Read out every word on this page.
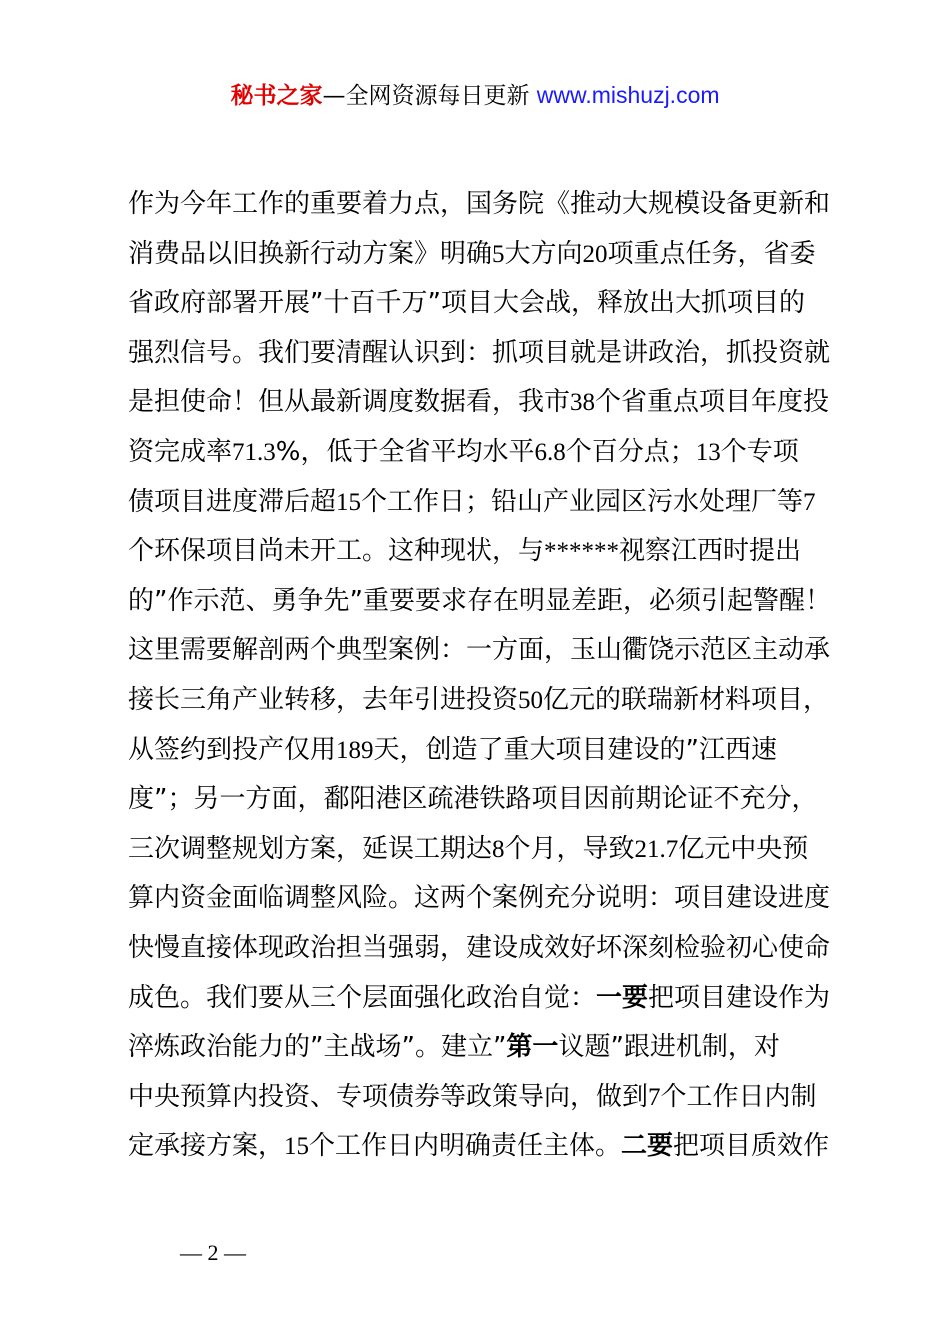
秘书之家—全网资源每日更新 www.mishuzj.com
作为今年工作的重要着力点，国务院《推动大规模设备更新和
消费品以旧换新行动方案》明确5大方向20项重点任务，省委
省政府部署开展”十百千万”项目大会战，释放出大抓项目的
强烈信号。我们要清醒认识到：抓项目就是讲政治，抓投资就
是担使命！但从最新调度数据看，我市38个省重点项目年度投
资完成率71.3%，低于全省平均水平6.8个百分点；13个专项
债项目进度滞后超15个工作日；铅山产业园区污水处理厂等7
个环保项目尚未开工。这种现状，与******视察江西时提出
的”作示范、勇争先”重要要求存在明显差距，必须引起警醒！
这里需要解剖两个典型案例：一方面，玉山衢饶示范区主动承
接长三角产业转移，去年引进投资50亿元的联瑞新材料项目，
从签约到投产仅用189天，创造了重大项目建设的”江西速
度”；另一方面，鄱阳港区疏港铁路项目因前期论证不充分，
三次调整规划方案，延误工期达8个月，导致21.7亿元中央预
算内资金面临调整风险。这两个案例充分说明：项目建设进度
快慢直接体现政治担当强弱，建设成效好坏深刻检验初心使命
成色。我们要从三个层面强化政治自觉：一要把项目建设作为
淬炼政治能力的”主战场”。建立”第一议题”跟进机制，对
中央预算内投资、专项债券等政策导向，做到7个工作日内制
定承接方案，15个工作日内明确责任主体。二要把项目质效作
— 2 —
